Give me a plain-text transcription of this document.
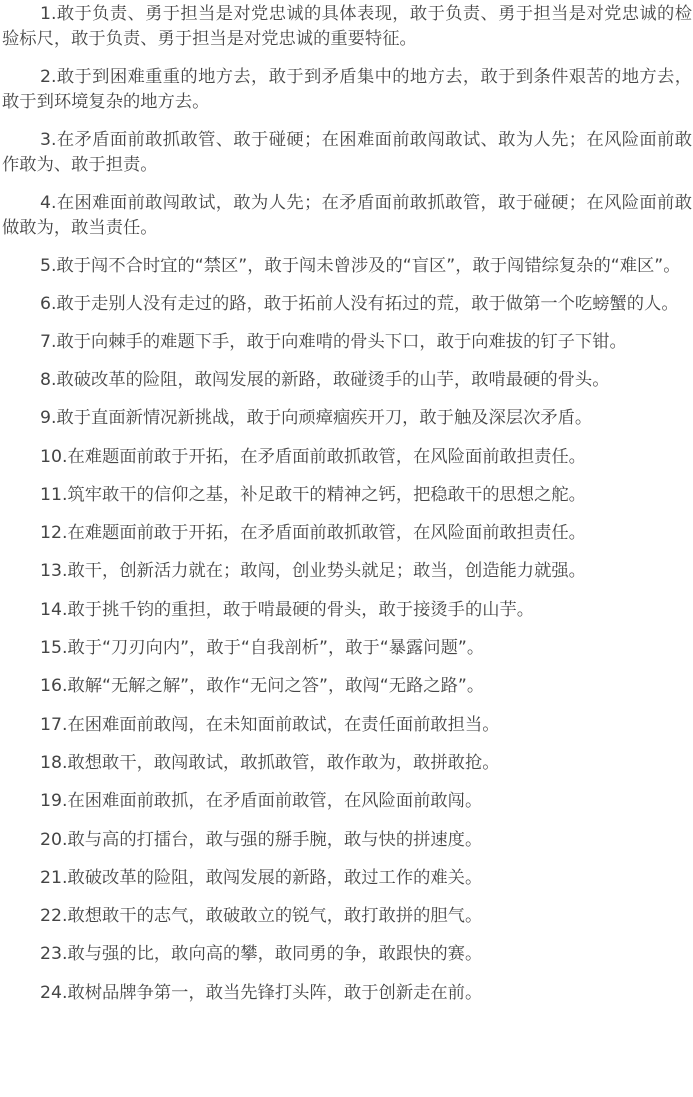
1.敢于负责、勇于担当是对党忠诚的具体表现，敢于负责、勇于担当是对党忠诚的检验标尺，敢于负责、勇于担当是对党忠诚的重要特征。

2.敢于到困难重重的地方去，敢于到矛盾集中的地方去，敢于到条件艰苦的地方去，敢于到环境复杂的地方去。

3.在矛盾面前敢抓敢管、敢于碰硬；在困难面前敢闯敢试、敢为人先；在风险面前敢作敢为、敢于担责。

4.在困难面前敢闯敢试，敢为人先；在矛盾面前敢抓敢管，敢于碰硬；在风险面前敢做敢为，敢当责任。

5.敢于闯不合时宜的“禁区”，敢于闯未曾涉及的“盲区”，敢于闯错综复杂的“难区”。

6.敢于走别人没有走过的路，敢于拓前人没有拓过的荒，敢于做第一个吃螃蟹的人。

7.敢于向棘手的难题下手，敢于向难啃的骨头下口，敢于向难拔的钉子下钳。

8.敢破改革的险阻，敢闯发展的新路，敢碰烫手的山芋，敢啃最硬的骨头。

9.敢于直面新情况新挑战，敢于向顽瘴痼疾开刀，敢于触及深层次矛盾。

10.在难题面前敢于开拓，在矛盾面前敢抓敢管，在风险面前敢担责任。

11.筑牢敢干的信仰之基，补足敢干的精神之钙，把稳敢干的思想之舵。

12.在难题面前敢于开拓，在矛盾面前敢抓敢管，在风险面前敢担责任。

13.敢干，创新活力就在；敢闯，创业势头就足；敢当，创造能力就强。

14.敢于挑千钧的重担，敢于啃最硬的骨头，敢于接烫手的山芋。

15.敢于“刀刃向内”，敢于“自我剖析”，敢于“暴露问题”。

16.敢解“无解之解”，敢作“无问之答”，敢闯“无路之路”。

17.在困难面前敢闯，在未知面前敢试，在责任面前敢担当。

18.敢想敢干，敢闯敢试，敢抓敢管，敢作敢为，敢拼敢抢。

19.在困难面前敢抓，在矛盾面前敢管，在风险面前敢闯。

20.敢与高的打擂台，敢与强的掰手腕，敢与快的拼速度。

21.敢破改革的险阻，敢闯发展的新路，敢过工作的难关。

22.敢想敢干的志气，敢破敢立的锐气，敢打敢拼的胆气。

23.敢与强的比，敢向高的攀，敢同勇的争，敢跟快的赛。

24.敢树品牌争第一，敢当先锋打头阵，敢于创新走在前。
